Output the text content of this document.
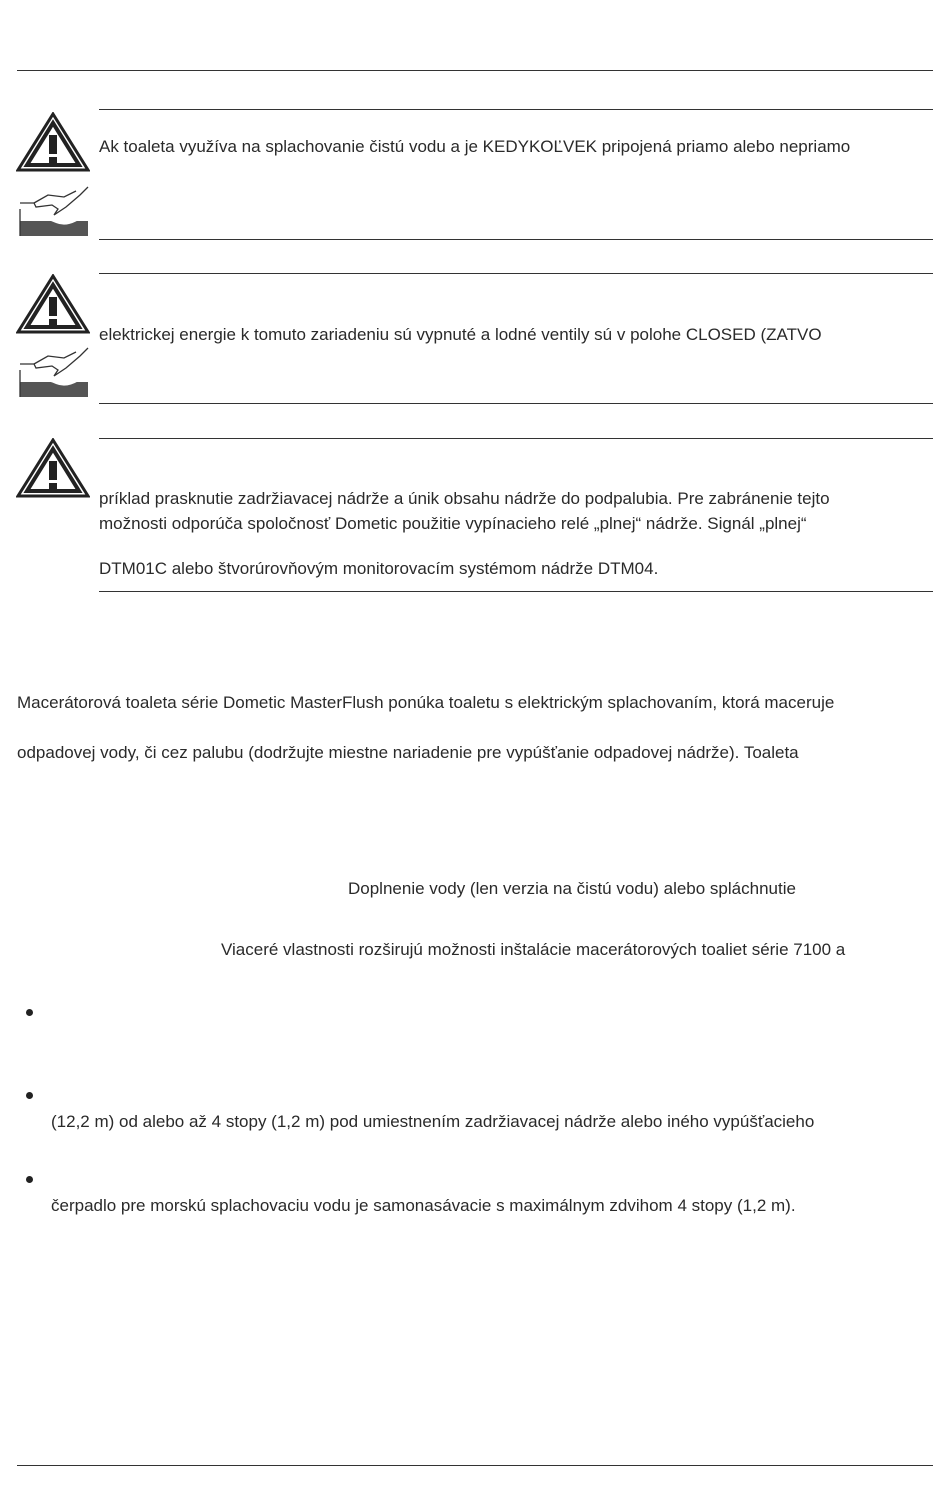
Ak toaleta využíva na splachovanie čistú vodu a je KEDYKOĽVEK pripojená priamo alebo nepriamo
elektrickej energie k tomuto zariadeniu sú vypnuté a lodné ventily sú v polohe CLOSED (ZATVO
príklad prasknutie zadržiavacej nádrže a únik obsahu nádrže do podpalubia. Pre zabránenie tejto
možnosti odporúča spoločnosť Dometic použitie vypínacieho relé „plnej“ nádrže. Signál „plnej“
DTM01C alebo štvorúrovňovým monitorovacím systémom nádrže DTM04.
Macerátorová toaleta série Dometic MasterFlush ponúka toaletu s elektrickým splachovaním, ktorá maceruje
odpadovej vody, či cez palubu (dodržujte miestne nariadenie pre vypúšťanie odpadovej nádrže). Toaleta
Doplnenie vody (len verzia na čistú vodu) alebo spláchnutie
Viaceré vlastnosti rozširujú možnosti inštalácie macerátorových toaliet série 7100 a
(12,2 m) od alebo až 4 stopy (1,2 m) pod umiestnením zadržiavacej nádrže alebo iného vypúšťacieho
čerpadlo pre morskú splachovaciu vodu je samonasávacie s maximálnym zdvihom 4 stopy (1,2 m).
